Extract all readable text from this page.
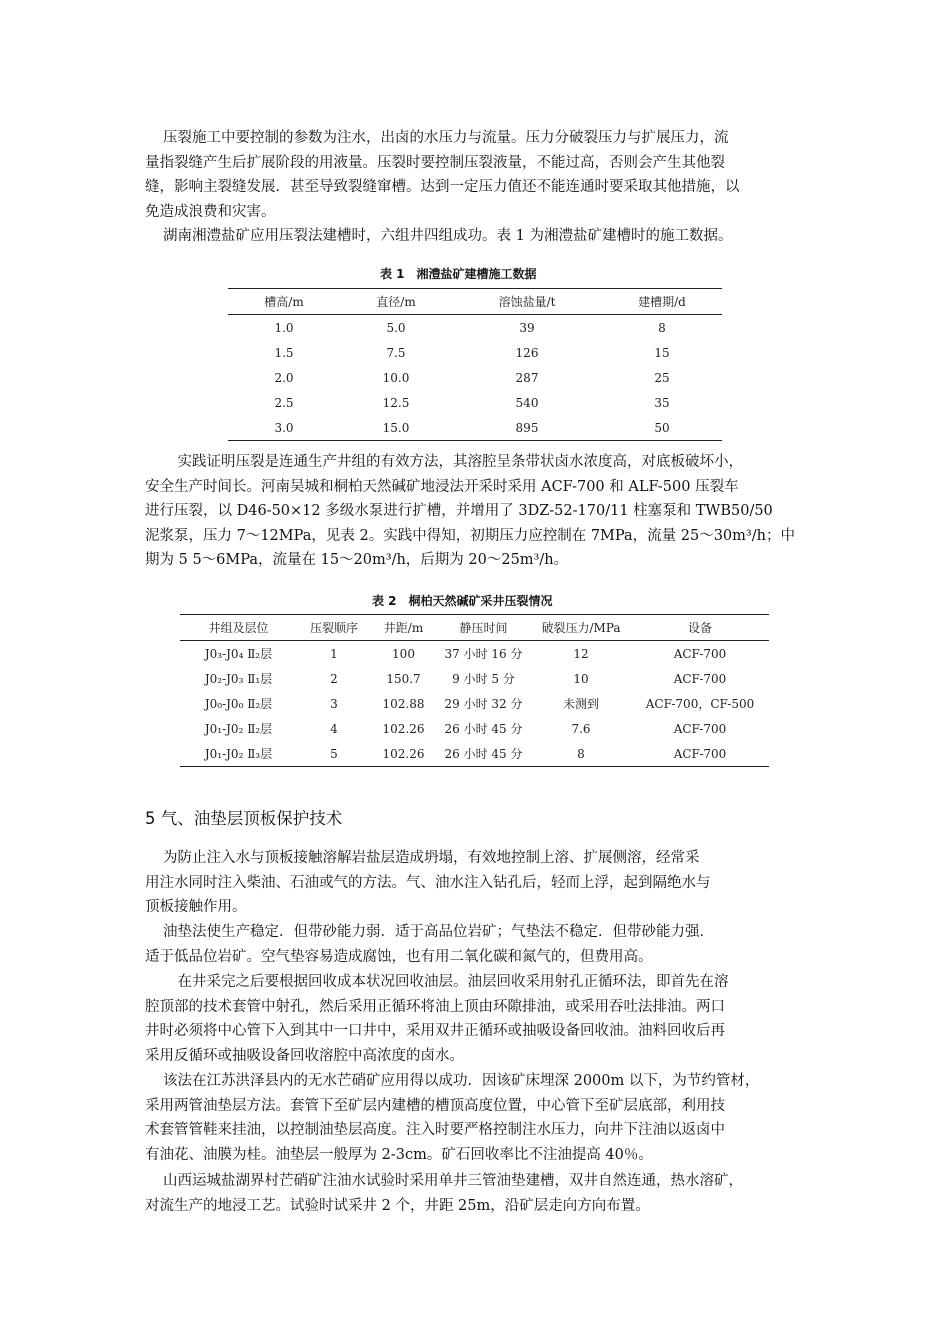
压裂施工中要控制的参数为注水，出卤的水压力与流量。压力分破裂压力与扩展压力，流
量指裂缝产生后扩展阶段的用液量。压裂时要控制压裂液量，不能过高，否则会产生其他裂
缝，影响主裂缝发展．甚至导致裂缝窜槽。达到一定压力值还不能连通时要采取其他措施，以
免造成浪费和灾害。
湖南湘澧盐矿应用压裂法建槽时，六组井四组成功。表 1 为湘澧盐矿建槽时的施工数据。
表 1　湘澧盐矿建槽施工数据
槽高/m	直径/m	溶蚀盐量/t	建槽期/d
1.0	5.0	39	8
1.5	7.5	126	15
2.0	10.0	287	25
2.5	12.5	540	35
3.0	15.0	895	50
　实践证明压裂是连通生产井组的有效方法，其溶腔呈条带状卤水浓度高，对底板破坏小，
安全生产时间长。河南吴城和桐柏天然碱矿地浸法开采时采用 ACF-700 和 ALF-500 压裂车
进行压裂，以 D46-50×12 多级水泵进行扩槽，并增用了 3DZ-52-170/11 柱塞泵和 TWB50/50
泥浆泵，压力 7～12MPa，见表 2。实践中得知，初期压力应控制在 7MPa，流量 25～30m³/h；中
期为 5 5～6MPa，流量在 15～20m³/h，后期为 20～25m³/h。
表 2　桐柏天然碱矿采井压裂情况
井组及层位	压裂顺序	井距/m	静压时间	破裂压力/MPa	设备
J0₃-J0₄ Ⅱ₂层	1	100	37 小时 16 分	12	ACF-700
J0₂-J0₃ Ⅱ₁层	2	150.7	9 小时 5 分	10	ACF-700
J0₀-J0₀ Ⅱ₂层	3	102.88	29 小时 32 分	未测到	ACF-700，CF-500
J0₁-J0₂ Ⅱ₂层	4	102.26	26 小时 45 分	7.6	ACF-700
J0₁-J0₂ Ⅱ₃层	5	102.26	26 小时 45 分	8	ACF-700
5 气、油垫层顶板保护技术
为防止注入水与顶板接触溶解岩盐层造成坍塌，有效地控制上溶、扩展侧溶，经常采
用注水同时注入柴油、石油或气的方法。气、油水注入钻孔后，轻而上浮，起到隔绝水与
顶板接触作用。
油垫法使生产稳定．但带砂能力弱．适于高品位岩矿；气垫法不稳定．但带砂能力强．
适于低品位岩矿。空气垫容易造成腐蚀，也有用二氧化碳和氮气的，但费用高。
　在井采完之后要根据回收成本状况回收油层。油层回收采用射孔正循环法，即首先在溶
腔顶部的技术套管中射孔，然后采用正循环将油上顶由环隙排油，或采用吞吐法排油。两口
井时必须将中心管下入到其中一口井中，采用双井正循环或抽吸设备回收油。油料回收后再
采用反循环或抽吸设备回收溶腔中高浓度的卤水。
该法在江苏洪泽县内的无水芒硝矿应用得以成功．因该矿床埋深 2000m 以下，为节约管材，
采用两管油垫层方法。套管下至矿层内建槽的槽顶高度位置，中心管下至矿层底部，利用技
术套管管鞋来挂油，以控制油垫层高度。注入时要严格控制注水压力，向井下注油以返卤中
有油花、油膜为桂。油垫层一般厚为 2-3cm。矿石回收率比不注油提高 40％。
山西运城盐湖界村芒硝矿注油水试验时采用单井三管油垫建槽，双井自然连通，热水溶矿，
对流生产的地浸工艺。试验时试采井 2 个，井距 25m，沿矿层走向方向布置。
